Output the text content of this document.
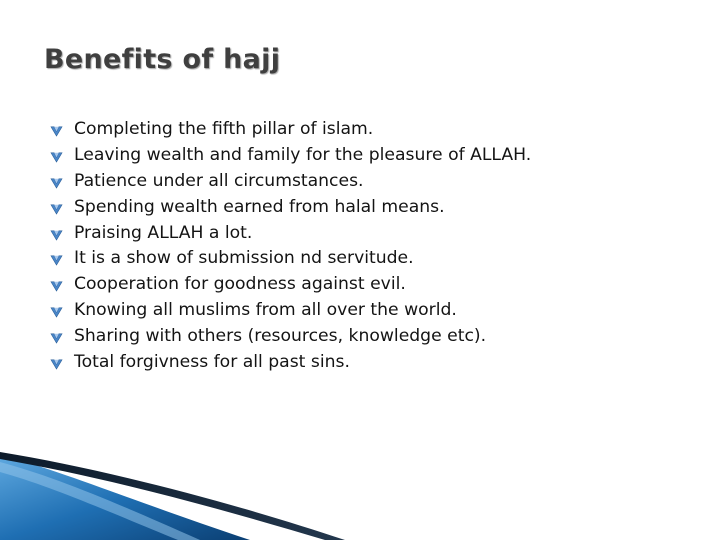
Benefits of hajj
Completing the fifth pillar of islam.
Leaving wealth and family for the pleasure of ALLAH.
Patience under all circumstances.
Spending wealth earned from halal means.
Praising ALLAH a lot.
It is a show of submission nd servitude.
Cooperation for goodness against evil.
Knowing all muslims from all over the world.
Sharing with others (resources, knowledge etc).
Total forgivness for all past sins.
